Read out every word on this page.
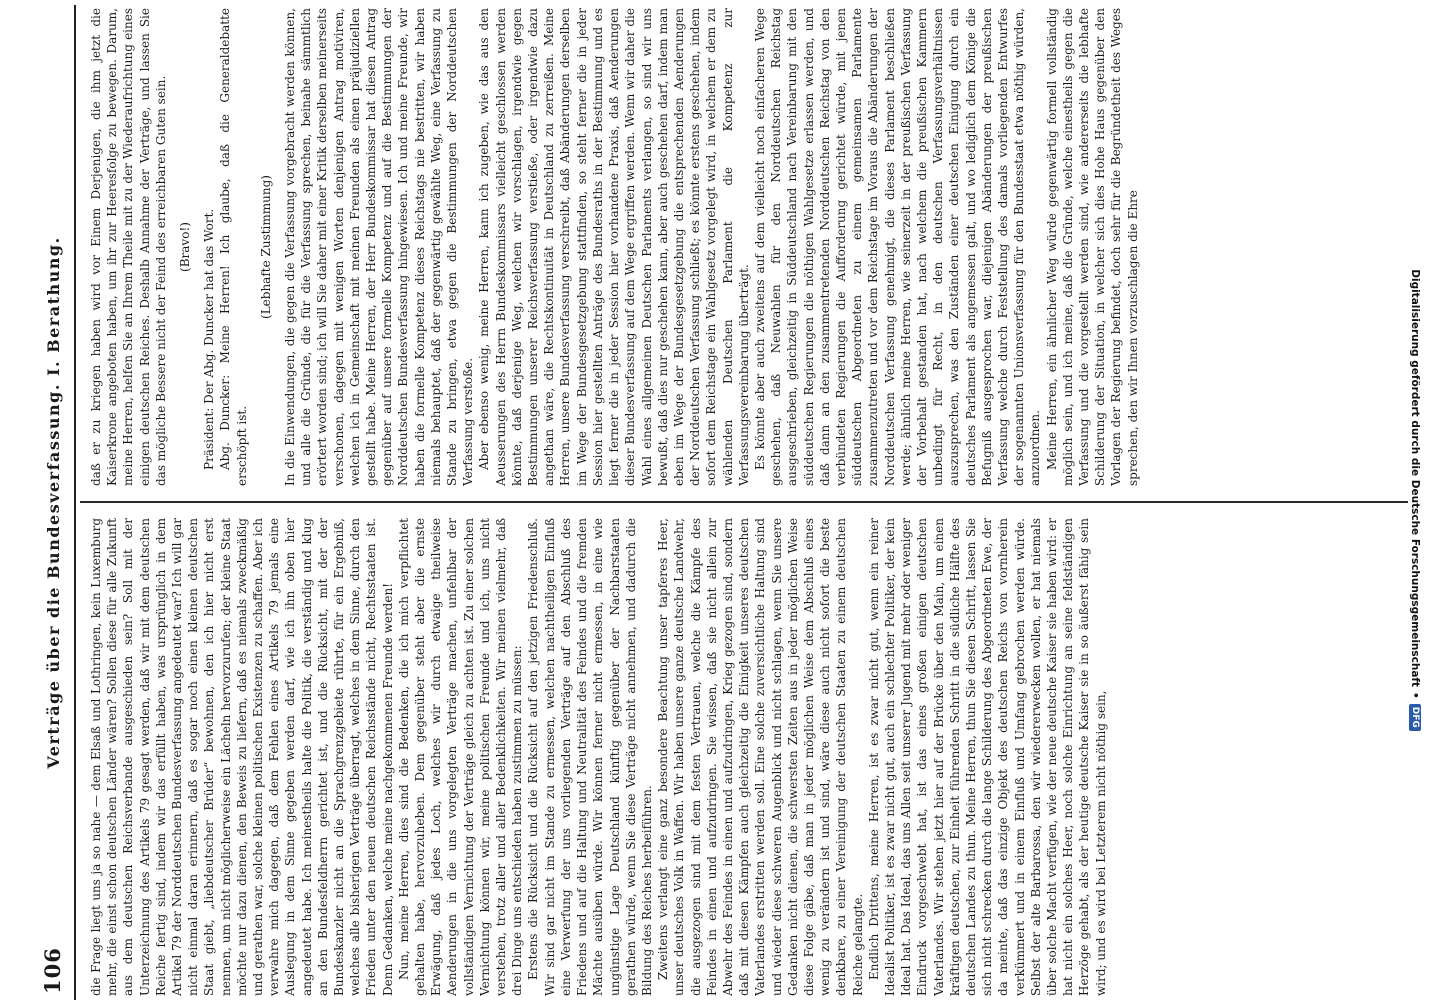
106
Verträge über die Bundesverfassung. I. Berathung. die Frage liegt uns ja so nahe — dem Elsaß und Lothringen, kein Luxemburg mehr, die einst schon deutschen Länder wären? Sollen diese für alle Zukunft aus dem deutschen Reichsverbande ausgeschieden sein? Soll mit der Unterzeichnung des Artikels 79 gesagt werden, daß wir mit dem deutschen Reiche fertig sind, indem wir das erfüllt haben, was ursprünglich in dem Artikel 79 der Norddeutschen Bundesverfassung angedeutet war? Ich will gar nicht einmal daran erinnern, daß es sogar noch einen kleinen deutschen Staat giebt, „liebdeutscher Brüder“ bewohnen, den ich hier nicht erst nennen, um nicht möglicherweise ein Lächeln hervorzurufen; der kleine Staat möchte nur dazu dienen, den Beweis zu liefern, daß es niemals zweckmäßig und gerathen war, solche kleinen politischen Existenzen zu schaffen. Aber ich verwahre mich dagegen, daß dem Fehlen eines Artikels 79 jemals eine Auslegung in dem Sinne gegeben werden darf, wie ich ihn oben hier angedeutet habe. Ich meinestheils halte die Politik, die verständig und klug an den Bundesfeldherrn gerichtet ist, und die Rücksicht, mit der der Bundeskanzler nicht an die Sprachgrenzgebiete rührte, für ein Ergebniß, welches alle bisherigen Verträge überragt, welches in dem Sinne, durch den Frieden unter den neuen deutschen Reichsstände nicht, Rechtsstaaten ist. Denn Gedanken, welche meine nachgekommenen Freunde werden! Nun, meine Herren, dies sind die Bedenken, die ich mich verpflichtet gehalten habe, hervorzuheben. Dem gegenüber steht aber die ernste Erwägung, daß jedes Loch, welches wir durch etwaige theilweise Aenderungen in die uns vorgelegten Verträge machen, unfehlbar der vollständigen Vernichtung der Verträge gleich zu achten ist. Zu einer solchen Vernichtung können wir, meine politischen Freunde und ich, uns nicht verstehen, trotz aller und aller Bedenklichkeiten. Wir meinen vielmehr, daß drei Dinge uns entschieden haben zustimmen zu müssen: Erstens die Rücksicht und die Rücksicht auf den jetzigen Friedenschluß. Wir sind gar nicht im Stande zu ermessen, welchen nachtheiligen Einfluß eine Verwerfung der uns vorliegenden Verträge auf den Abschluß des Friedens und auf die Haltung und Neutralität des Feindes und die fremden Mächte ausüben würde. Wir können ferner nicht ermessen, in eine wie ungünstige Lage Deutschland künftig gegenüber der Nachbarstaaten gerathen würde, wenn Sie diese Verträge nicht annehmen, und dadurch die Bildung des Reiches herbeiführen. Zweitens verlangt eine ganz besondere Beachtung unser tapferes Heer, unser deutsches Volk in Waffen. Wir haben unsere ganze deutsche Landwehr, die ausgezogen sind mit dem festen Vertrauen, welche die Kämpfe des Feindes in einen und aufzudringen. Sie wissen, daß sie nicht allein zur Abwehr des Feindes in einen und aufzudringen, Krieg gezogen sind, sondern daß mit diesen Kämpfen auch gleichzeitig die Einigkeit unseres deutschen Vaterlandes erstritten werden soll. Eine solche zuversichtliche Haltung sind und wieder diese schweren Augenblick und nicht schlagen, wenn Sie unsere Gedanken nicht dienen, die schwersten Zeiten aus in jeder möglichen Weise diese Folge gäbe, daß man in jeder möglichen Weise dem Abschluß eines wenig zu verändern ist und sind, wäre diese auch nicht sofort die beste denkbare, zu einer Vereinigung der deutschen Staaten zu einem deutschen Reiche gelangte. Endlich Drittens, meine Herren, ist es zwar nicht gut, wenn ein reiner Idealist Politiker, ist es zwar nicht gut, auch ein schlechter Politiker, der kein Ideal hat. Das Ideal, das uns Allen seit unserer Jugend mit mehr oder weniger Eindruck vorgeschwebt hat, ist das eines großen einigen deutschen Vaterlandes. Wir stehen jetzt hier auf der Brücke über den Main, um einen kräftigen deutschen, zur Einheit führenden Schritt in die südliche Hälfte des deutschen Landes zu thun. Meine Herren, thun Sie diesen Schritt, lassen Sie sich nicht schrecken durch die lange Schilderung des Abgeordneten Ewe, der da meinte, daß das einzige Objekt des deutschen Reichs von vornherein verkümmert und in einem Einfluß und Umfang gebrochen werden würde. Selbst der alte Barbarossa, den wir wiedererwecken wollen, er hat niemals über solche Macht verfügen, wie der neue deutsche Kaiser sie haben wird: er hat nicht ein solches Heer, noch solche Einrichtung an seine feldständigen Herzöge gehabt, als der heutige deutsche Kaiser sie in so äußerst fähig sein wird; und es wird bei Letzterem nicht nöthig sein,

daß er zu kriegen haben wird vor Einem Derjenigen, die ihm jetzt die Kaiserkrone angeboten haben, um ihr zur Heeresfolge zu bewegen. Darum, meine Herren, helfen Sie an Ihrem Theile mit zu der Wiederaufrichtung eines einigen deutschen Reiches. Deshalb Annahme der Verträge, und lassen Sie das mögliche Bessere nicht der Feind des erreichbaren Guten sein. (Bravo!) Präsident: Der Abg. Duncker hat das Wort. Abg. Duncker: Meine Herren! Ich glaube, daß die Generaldebatte erschöpft ist.

(Lebhafte Zustimmung) In die Einwendungen, die gegen die Verfassung vorgebracht werden können, und alle die Gründe, die für die Verfassung sprechen, beinahe sämmtlich erörtert worden sind; ich will Sie daher mit einer Kritik derselben meinerseits verschonen, dagegen mit wenigen Worten denjenigen Antrag motiviren, welchen ich in Gemeinschaft mit meinen Freunden als einen präjudiziellen gestellt habe. Meine Herren, der Herr Bundeskommissar hat diesen Antrag gegenüber auf unsere formelle Kompetenz und auf die Bestimmungen der Norddeutschen Bundesverfassung hingewiesen. Ich und meine Freunde, wir haben die formelle Kompetenz dieses Reichstags nie bestritten, wir haben niemals behauptet, daß der gegenwärtig gewählte Weg, eine Verfassung zu Stande zu bringen, etwa gegen die Bestimmungen der Norddeutschen Verfassung verstoße. Aber ebenso wenig, meine Herren, kann ich zugeben, wie das aus den Aeusserungen des Herrn Bundeskommissars vielleicht geschlossen werden könnte, daß derjenige Weg, welchen wir vorschlagen, irgendwie gegen Bestimmungen unserer Reichsverfassung verstieße, oder irgendwie dazu angethan wäre, die Rechtskontinuität in Deutschland zu zerreißen. Meine Herren, unsere Bundesverfassung verschreibt, daß Abänderungen derselben im Wege der Bundesgesetzgebung stattfinden, so steht ferner die in jeder Session hier gestellten Anträge des Bundesraths in der Bestimmung und es liegt ferner die in jeder Session hier vorhandene Praxis, daß Aenderungen dieser Bundesverfassung auf dem Wege ergriffen werden. Wenn wir daher die Wahl eines allgemeinen Deutschen Parlaments verlangen, so sind wir uns bewußt, daß dies nur geschehen kann, aber auch geschehen darf, indem man eben im Wege der Bundesgesetzgebung die entsprechenden Aenderungen der Norddeutschen Verfassung schließt; es könnte erstens geschehen, indem sofort dem Reichstage ein Wahlgesetz vorgelegt wird, in welchem er dem zu wählenden Deutschen Parlament die Kompetenz zur Verfassungsvereinbarung überträgt. Es könnte aber auch zweitens auf dem vielleicht noch einfacheren Wege geschehen, daß Neuwahlen für den Norddeutschen Reichstag ausgeschrieben, gleichzeitig in Süddeutschland nach Vereinbarung mit den süddeutschen Regierungen die nöthigen Wahlgesetze erlassen werden, und daß dann an den zusammentretenden Norddeutschen Reichstag von den verbündeten Regierungen die Aufforderung gerichtet würde, mit jenen süddeutschen Abgeordneten zu einem gemeinsamen Parlamente zusammenzutreten und vor dem Reichstage im Voraus die Abänderungen der Norddeutschen Verfassung genehmigt, die dieses Parlament beschließen werde; ähnlich meine Herren, wie seinerzeit in der preußischen Verfassung der Vorbehalt gestanden hat, nach welchem die preußischen Kammern unbedingt für Recht, in den deutschen Verfassungsverhältnissen auszusprechen, was den Zuständen einer deutschen Einigung durch ein deutsches Parlament als angemessen galt, und wo lediglich dem Könige die Befugniß ausgesprochen war, diejenigen Abänderungen der preußischen Verfassung welche durch Feststellung des damals vorliegenden Entwurfes der sogenannten Unionsverfassung für den Bundesstaat etwa nöthig würden, anzuordnen. Meine Herren, ein ähnlicher Weg würde gegenwärtig formell vollständig möglich sein, und ich meine, daß die Gründe, welche einestheils gegen die Verfassung und die vorgestellt werden sind, wie andererseits die lebhafte Schilderung der Situation, in welcher sich dies Hohe Haus gegenüber den Vorlagen der Regierung befindet, doch sehr für die Begründetheit des Weges sprechen, den wir Ihnen vorzuschlagen die Ehre	Digitalisierung gefördert durch die Deutsche Forschungsgemeinschaft
•
DFG
